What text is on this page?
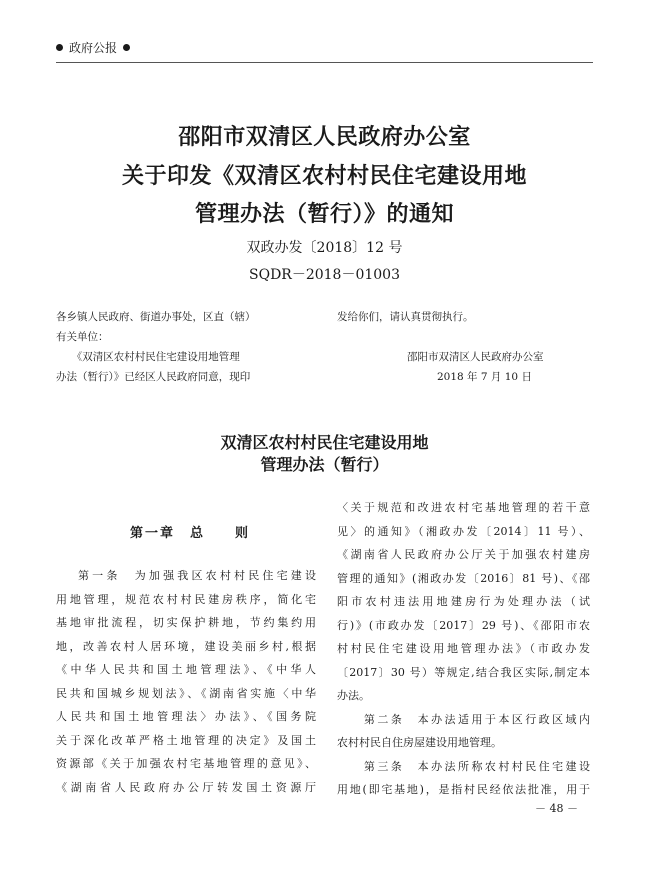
政府公报
邵阳市双清区人民政府办公室
关于印发《双清区农村村民住宅建设用地
管理办法（暂行）》的通知
双政办发〔2018〕12 号
SQDR－2018－01003
各乡镇人民政府、街道办事处，区直（辖）
有关单位：
　　《双清区农村村民住宅建设用地管理
办法（暂行）》已经区人民政府同意，现印
发给你们，请认真贯彻执行。
邵阳市双清区人民政府办公室
2018 年 7 月 10 日
双清区农村村民住宅建设用地
管理办法（暂行）
第一章　总　　则
第一条　为加强我区农村村民住宅建设
用地管理，规范农村村民建房秩序，简化宅
基地审批流程，切实保护耕地，节约集约用
地，改善农村人居环境，建设美丽乡村,根据
《中华人民共和国土地管理法》、《中华人
民共和国城乡规划法》、《湖南省实施〈中华
人民共和国土地管理法〉办法》、《国务院
关于深化改革严格土地管理的决定》及国土
资源部《关于加强农村宅基地管理的意见》、
《湖南省人民政府办公厅转发国土资源厅
〈关于规范和改进农村宅基地管理的若干意
见〉的通知》（湘政办发〔2014〕11 号）、
《湖南省人民政府办公厅关于加强农村建房
管理的通知》(湘政办发〔2016〕81 号)、《邵
阳市农村违法用地建房行为处理办法（试
行)》(市政办发〔2017〕29 号)、《邵阳市农
村村民住宅建设用地管理办法》（市政办发
〔2017〕30 号）等规定,结合我区实际,制定本
办法。
　　第二条　本办法适用于本区行政区域内
农村村民自住房屋建设用地管理。
　　第三条　本办法所称农村村民住宅建设
用地(即宅基地)，是指村民经依法批准，用于
－ 48 －
